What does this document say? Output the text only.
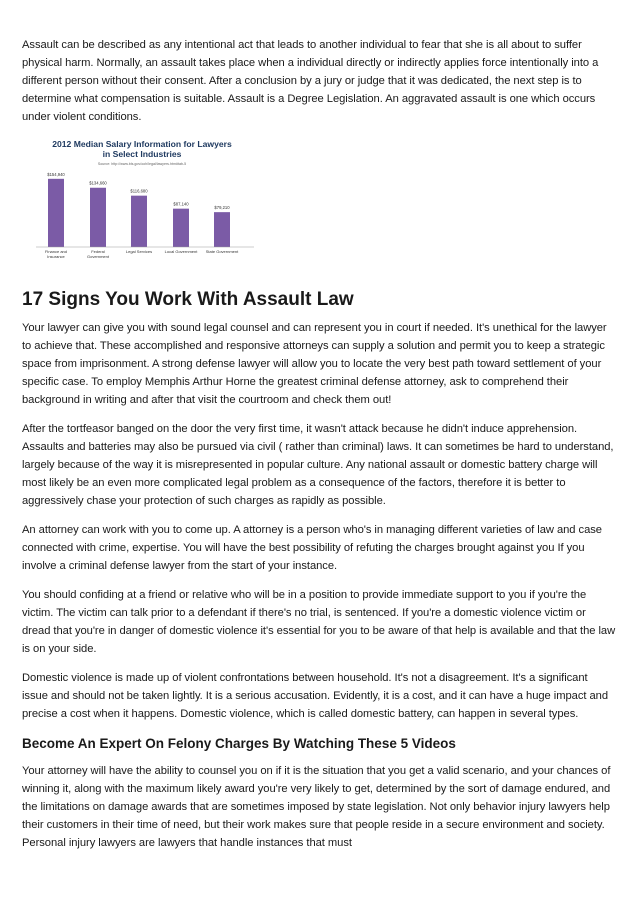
Assault can be described as any intentional act that leads to another individual to fear that she is all about to suffer physical harm. Normally, an assault takes place when a individual directly or indirectly applies force intentionally into a different person without their consent. After a conclusion by a jury or judge that it was dedicated, the next step is to determine what compensation is suitable. Assault is a Degree Legislation. An aggravated assault is one which occurs under violent conditions.

2012 Median Salary Information for Lawyers
in Select Industries
Source: http://www.bls.gov/ooh/legal/lawyers.htm#tab-5
$154,940
Finance and
Insurance
$134,660
Federal
Government
$116,680
Legal Services
$87,140
Local Government
$79,210
State Government
17 Signs You Work With Assault Law

Your lawyer can give you with sound legal counsel and can represent you in court if needed. It's unethical for the lawyer to achieve that. These accomplished and responsive attorneys can supply a solution and permit you to keep a strategic space from imprisonment. A strong defense lawyer will allow you to locate the very best path toward settlement of your specific case. To employ Memphis Arthur Horne the greatest criminal defense attorney, ask to comprehend their background in writing and after that visit the courtroom and check them out!

After the tortfeasor banged on the door the very first time, it wasn't attack because he didn't induce apprehension. Assaults and batteries may also be pursued via civil ( rather than criminal) laws. It can sometimes be hard to understand, largely because of the way it is misrepresented in popular culture. Any national assault or domestic battery charge will most likely be an even more complicated legal problem as a consequence of the factors, therefore it is better to aggressively chase your protection of such charges as rapidly as possible.

An attorney can work with you to come up. A attorney is a person who's in managing different varieties of law and case connected with crime, expertise. You will have the best possibility of refuting the charges brought against you If you involve a criminal defense lawyer from the start of your instance.

You should confiding at a friend or relative who will be in a position to provide immediate support to you if you're the victim. The victim can talk prior to a defendant if there's no trial, is sentenced. If you're a domestic violence victim or dread that you're in danger of domestic violence it's essential for you to be aware of that help is available and that the law is on your side.

Domestic violence is made up of violent confrontations between household. It's not a disagreement. It's a significant issue and should not be taken lightly. It is a serious accusation. Evidently, it is a cost, and it can have a huge impact and precise a cost when it happens. Domestic violence, which is called domestic battery, can happen in several types.

Become An Expert On Felony Charges By Watching These 5 Videos

Your attorney will have the ability to counsel you on if it is the situation that you get a valid scenario, and your chances of winning it, along with the maximum likely award you're very likely to get, determined by the sort of damage endured, and the limitations on damage awards that are sometimes imposed by state legislation. Not only behavior injury lawyers help their customers in their time of need, but their work makes sure that people reside in a secure environment and society. Personal injury lawyers are lawyers that handle instances that must
